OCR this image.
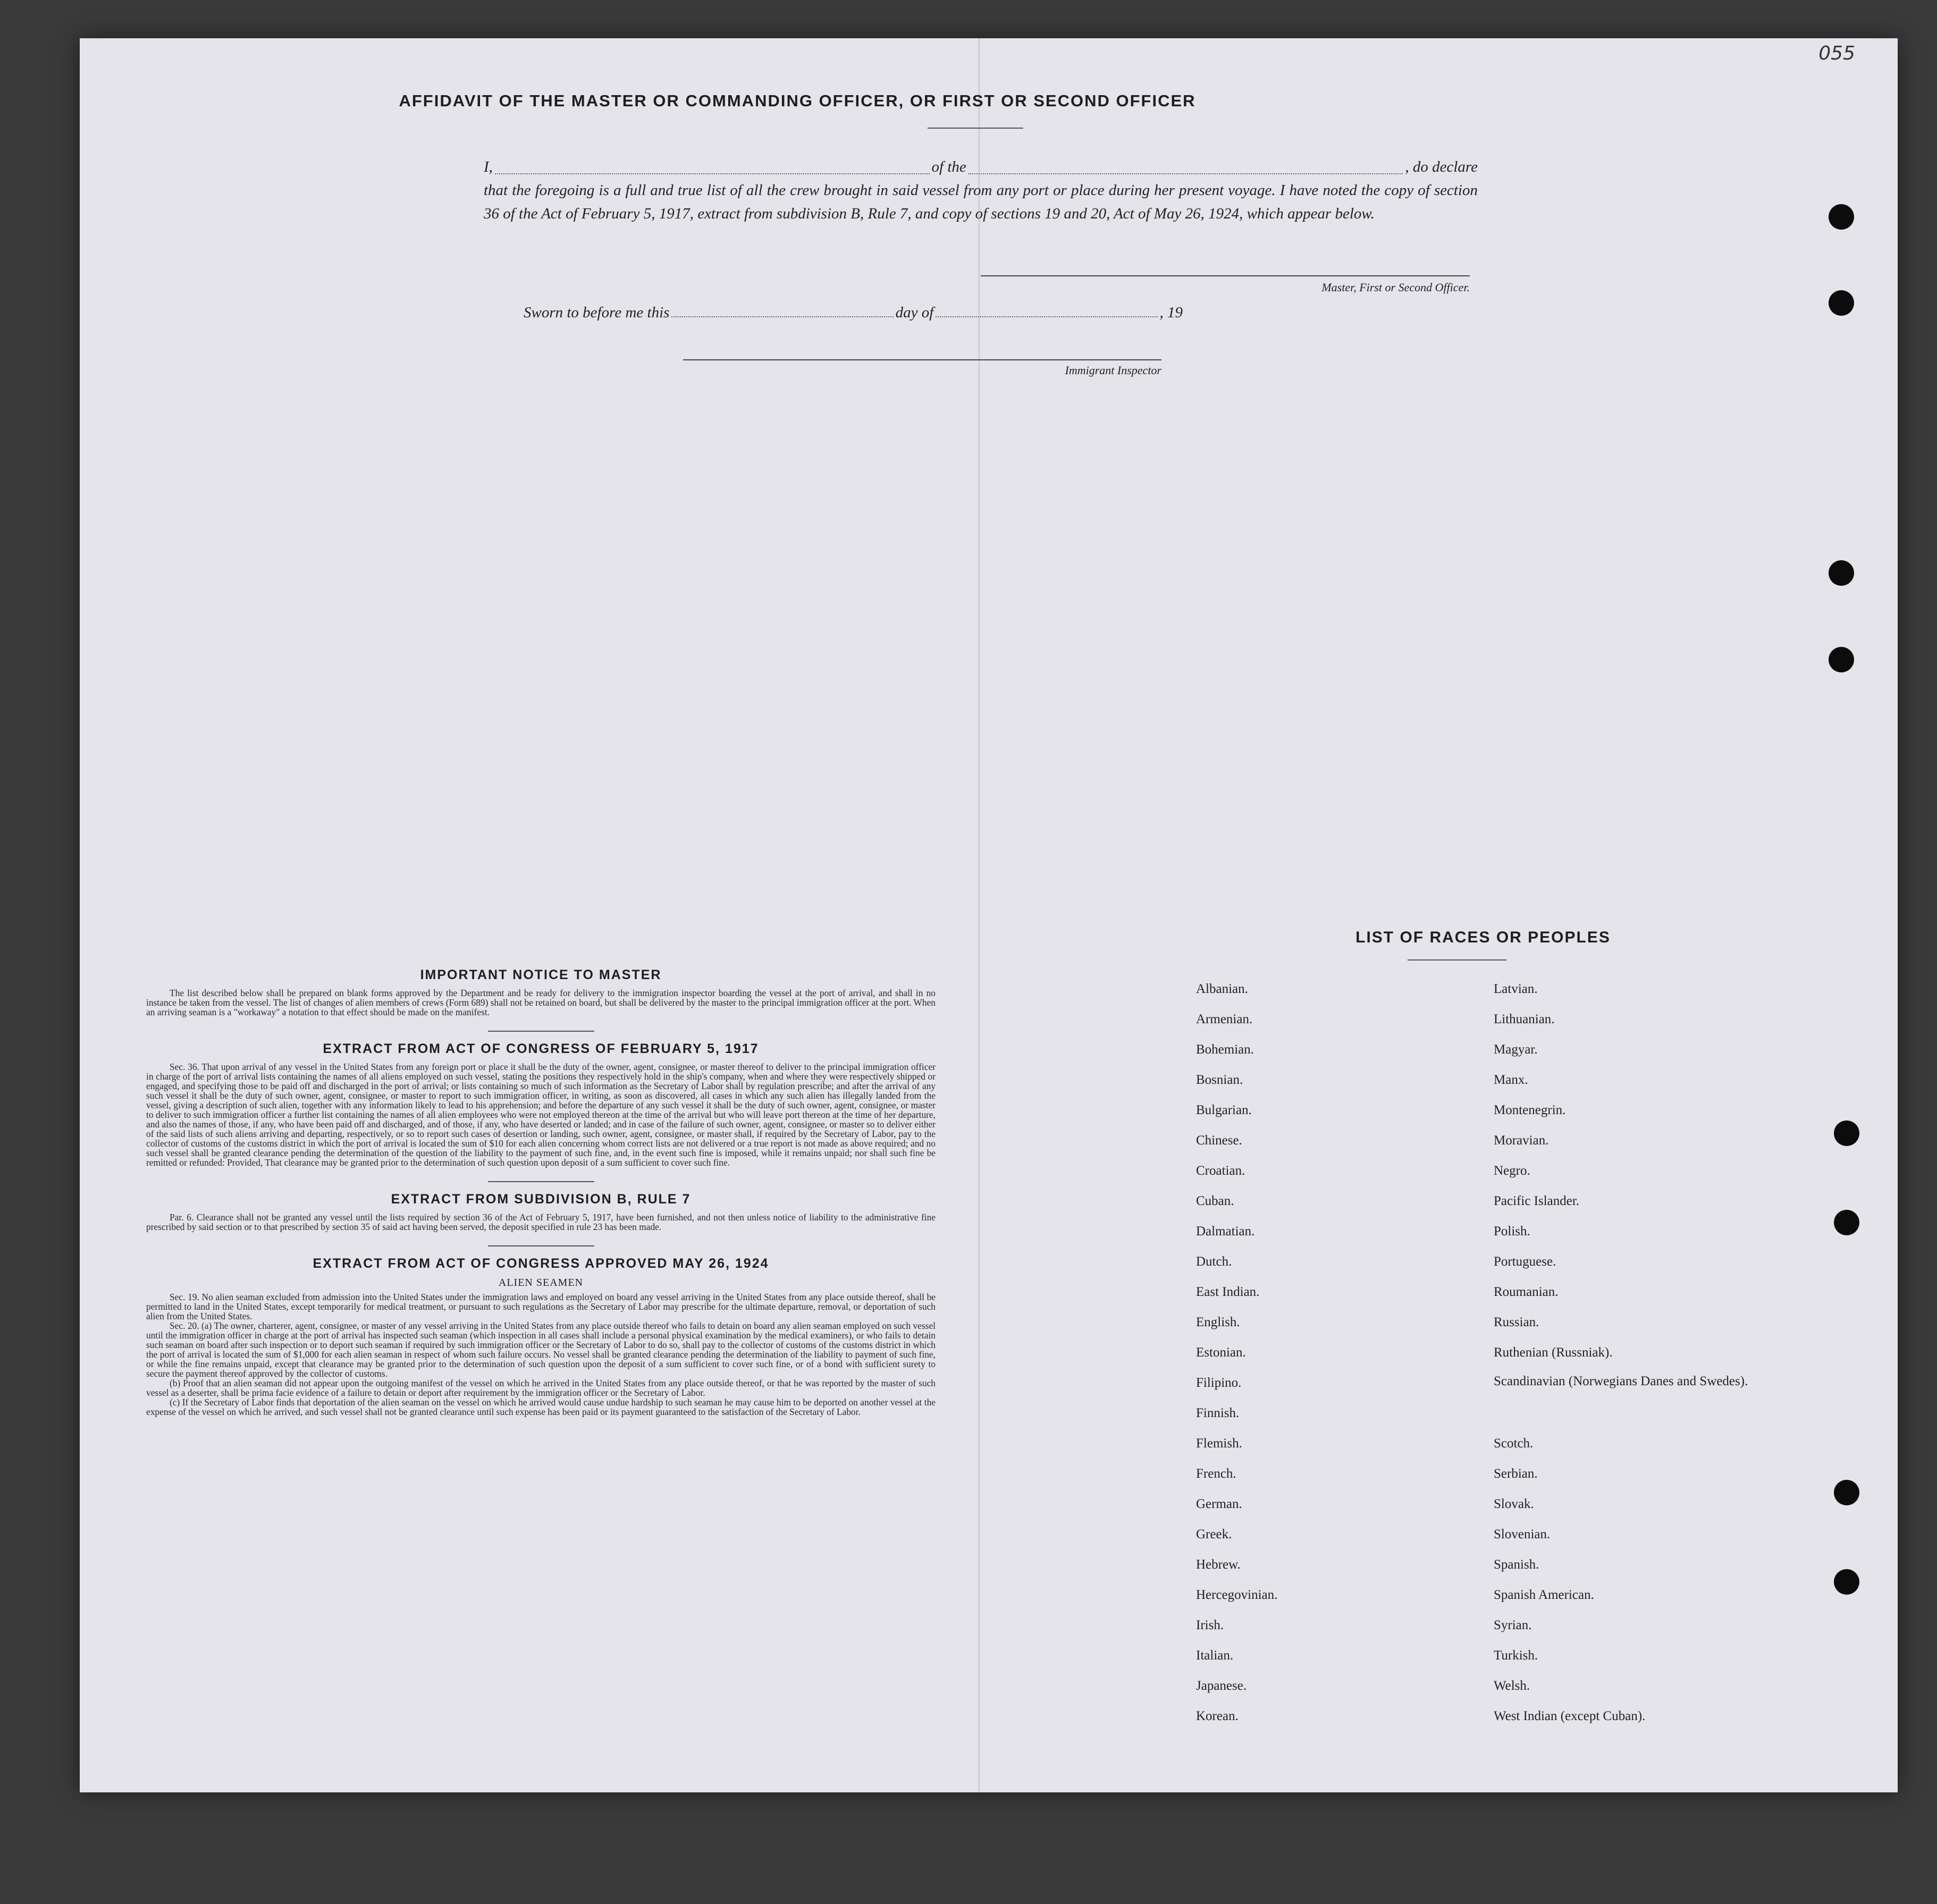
055
AFFIDAVIT OF THE MASTER OR COMMANDING OFFICER, OR FIRST OR SECOND OFFICER
I,	of the	, do declare
that the foregoing is a full and true list of all the crew brought in said vessel from any port or place during her present voyage. I have noted the copy of section 36 of the Act of February 5, 1917, extract from subdivision B, Rule 7, and copy of sections 19 and 20, Act of May 26, 1924, which appear below.
Master, First or Second Officer.
Sworn to before me this	day of	, 19
Immigrant Inspector
IMPORTANT NOTICE TO MASTER

The list described below shall be prepared on blank forms approved by the Department and be ready for delivery to the immigration inspector boarding the vessel at the port of arrival, and shall in no instance be taken from the vessel. The list of changes of alien members of crews (Form 689) shall not be retained on board, but shall be delivered by the master to the principal immigration officer at the port. When an arriving seaman is a "workaway" a notation to that effect should be made on the manifest.

EXTRACT FROM ACT OF CONGRESS OF FEBRUARY 5, 1917

Sec. 36. That upon arrival of any vessel in the United States from any foreign port or place it shall be the duty of the owner, agent, consignee, or master thereof to deliver to the principal immigration officer in charge of the port of arrival lists containing the names of all aliens employed on such vessel, stating the positions they respectively hold in the ship's company, when and where they were respectively shipped or engaged, and specifying those to be paid off and discharged in the port of arrival; or lists containing so much of such information as the Secretary of Labor shall by regulation prescribe; and after the arrival of any such vessel it shall be the duty of such owner, agent, consignee, or master to report to such immigration officer, in writing, as soon as discovered, all cases in which any such alien has illegally landed from the vessel, giving a description of such alien, together with any information likely to lead to his apprehension; and before the departure of any such vessel it shall be the duty of such owner, agent, consignee, or master to deliver to such immigration officer a further list containing the names of all alien employees who were not employed thereon at the time of the arrival but who will leave port thereon at the time of her departure, and also the names of those, if any, who have been paid off and discharged, and of those, if any, who have deserted or landed; and in case of the failure of such owner, agent, consignee, or master so to deliver either of the said lists of such aliens arriving and departing, respectively, or so to report such cases of desertion or landing, such owner, agent, consignee, or master shall, if required by the Secretary of Labor, pay to the collector of customs of the customs district in which the port of arrival is located the sum of $10 for each alien concerning whom correct lists are not delivered or a true report is not made as above required; and no such vessel shall be granted clearance pending the determination of the question of the liability to the payment of such fine, and, in the event such fine is imposed, while it remains unpaid; nor shall such fine be remitted or refunded: Provided, That clearance may be granted prior to the determination of such question upon deposit of a sum sufficient to cover such fine.

EXTRACT FROM SUBDIVISION B, RULE 7

Par. 6. Clearance shall not be granted any vessel until the lists required by section 36 of the Act of February 5, 1917, have been furnished, and not then unless notice of liability to the administrative fine prescribed by said section or to that prescribed by section 35 of said act having been served, the deposit specified in rule 23 has been made.

EXTRACT FROM ACT OF CONGRESS APPROVED MAY 26, 1924
ALIEN SEAMEN

Sec. 19. No alien seaman excluded from admission into the United States under the immigration laws and employed on board any vessel arriving in the United States from any place outside thereof, shall be permitted to land in the United States, except temporarily for medical treatment, or pursuant to such regulations as the Secretary of Labor may prescribe for the ultimate departure, removal, or deportation of such alien from the United States.

Sec. 20. (a) The owner, charterer, agent, consignee, or master of any vessel arriving in the United States from any place outside thereof who fails to detain on board any alien seaman employed on such vessel until the immigration officer in charge at the port of arrival has inspected such seaman (which inspection in all cases shall include a personal physical examination by the medical examiners), or who fails to detain such seaman on board after such inspection or to deport such seaman if required by such immigration officer or the Secretary of Labor to do so, shall pay to the collector of customs of the customs district in which the port of arrival is located the sum of $1,000 for each alien seaman in respect of whom such failure occurs. No vessel shall be granted clearance pending the determination of the liability to payment of such fine, or while the fine remains unpaid, except that clearance may be granted prior to the determination of such question upon the deposit of a sum sufficient to cover such fine, or of a bond with sufficient surety to secure the payment thereof approved by the collector of customs.

(b) Proof that an alien seaman did not appear upon the outgoing manifest of the vessel on which he arrived in the United States from any place outside thereof, or that he was reported by the master of such vessel as a deserter, shall be prima facie evidence of a failure to detain or deport after requirement by the immigration officer or the Secretary of Labor.

(c) If the Secretary of Labor finds that deportation of the alien seaman on the vessel on which he arrived would cause undue hardship to such seaman he may cause him to be deported on another vessel at the expense of the vessel on which he arrived, and such vessel shall not be granted clearance until such expense has been paid or its payment guaranteed to the satisfaction of the Secretary of Labor.

LIST OF RACES OR PEOPLES
Albanian.	Latvian.
Armenian.	Lithuanian.
Bohemian.	Magyar.
Bosnian.	Manx.
Bulgarian.	Montenegrin.
Chinese.	Moravian.
Croatian.	Negro.
Cuban.	Pacific Islander.
Dalmatian.	Polish.
Dutch.	Portuguese.
East Indian.	Roumanian.
English.	Russian.
Estonian.	Ruthenian (Russniak).
Filipino.	Scandinavian (Norwegians Danes and Swedes).
Finnish.
Flemish.	Scotch.
French.	Serbian.
German.	Slovak.
Greek.	Slovenian.
Hebrew.	Spanish.
Hercegovinian.	Spanish American.
Irish.	Syrian.
Italian.	Turkish.
Japanese.	Welsh.
Korean.	West Indian (except Cuban).
